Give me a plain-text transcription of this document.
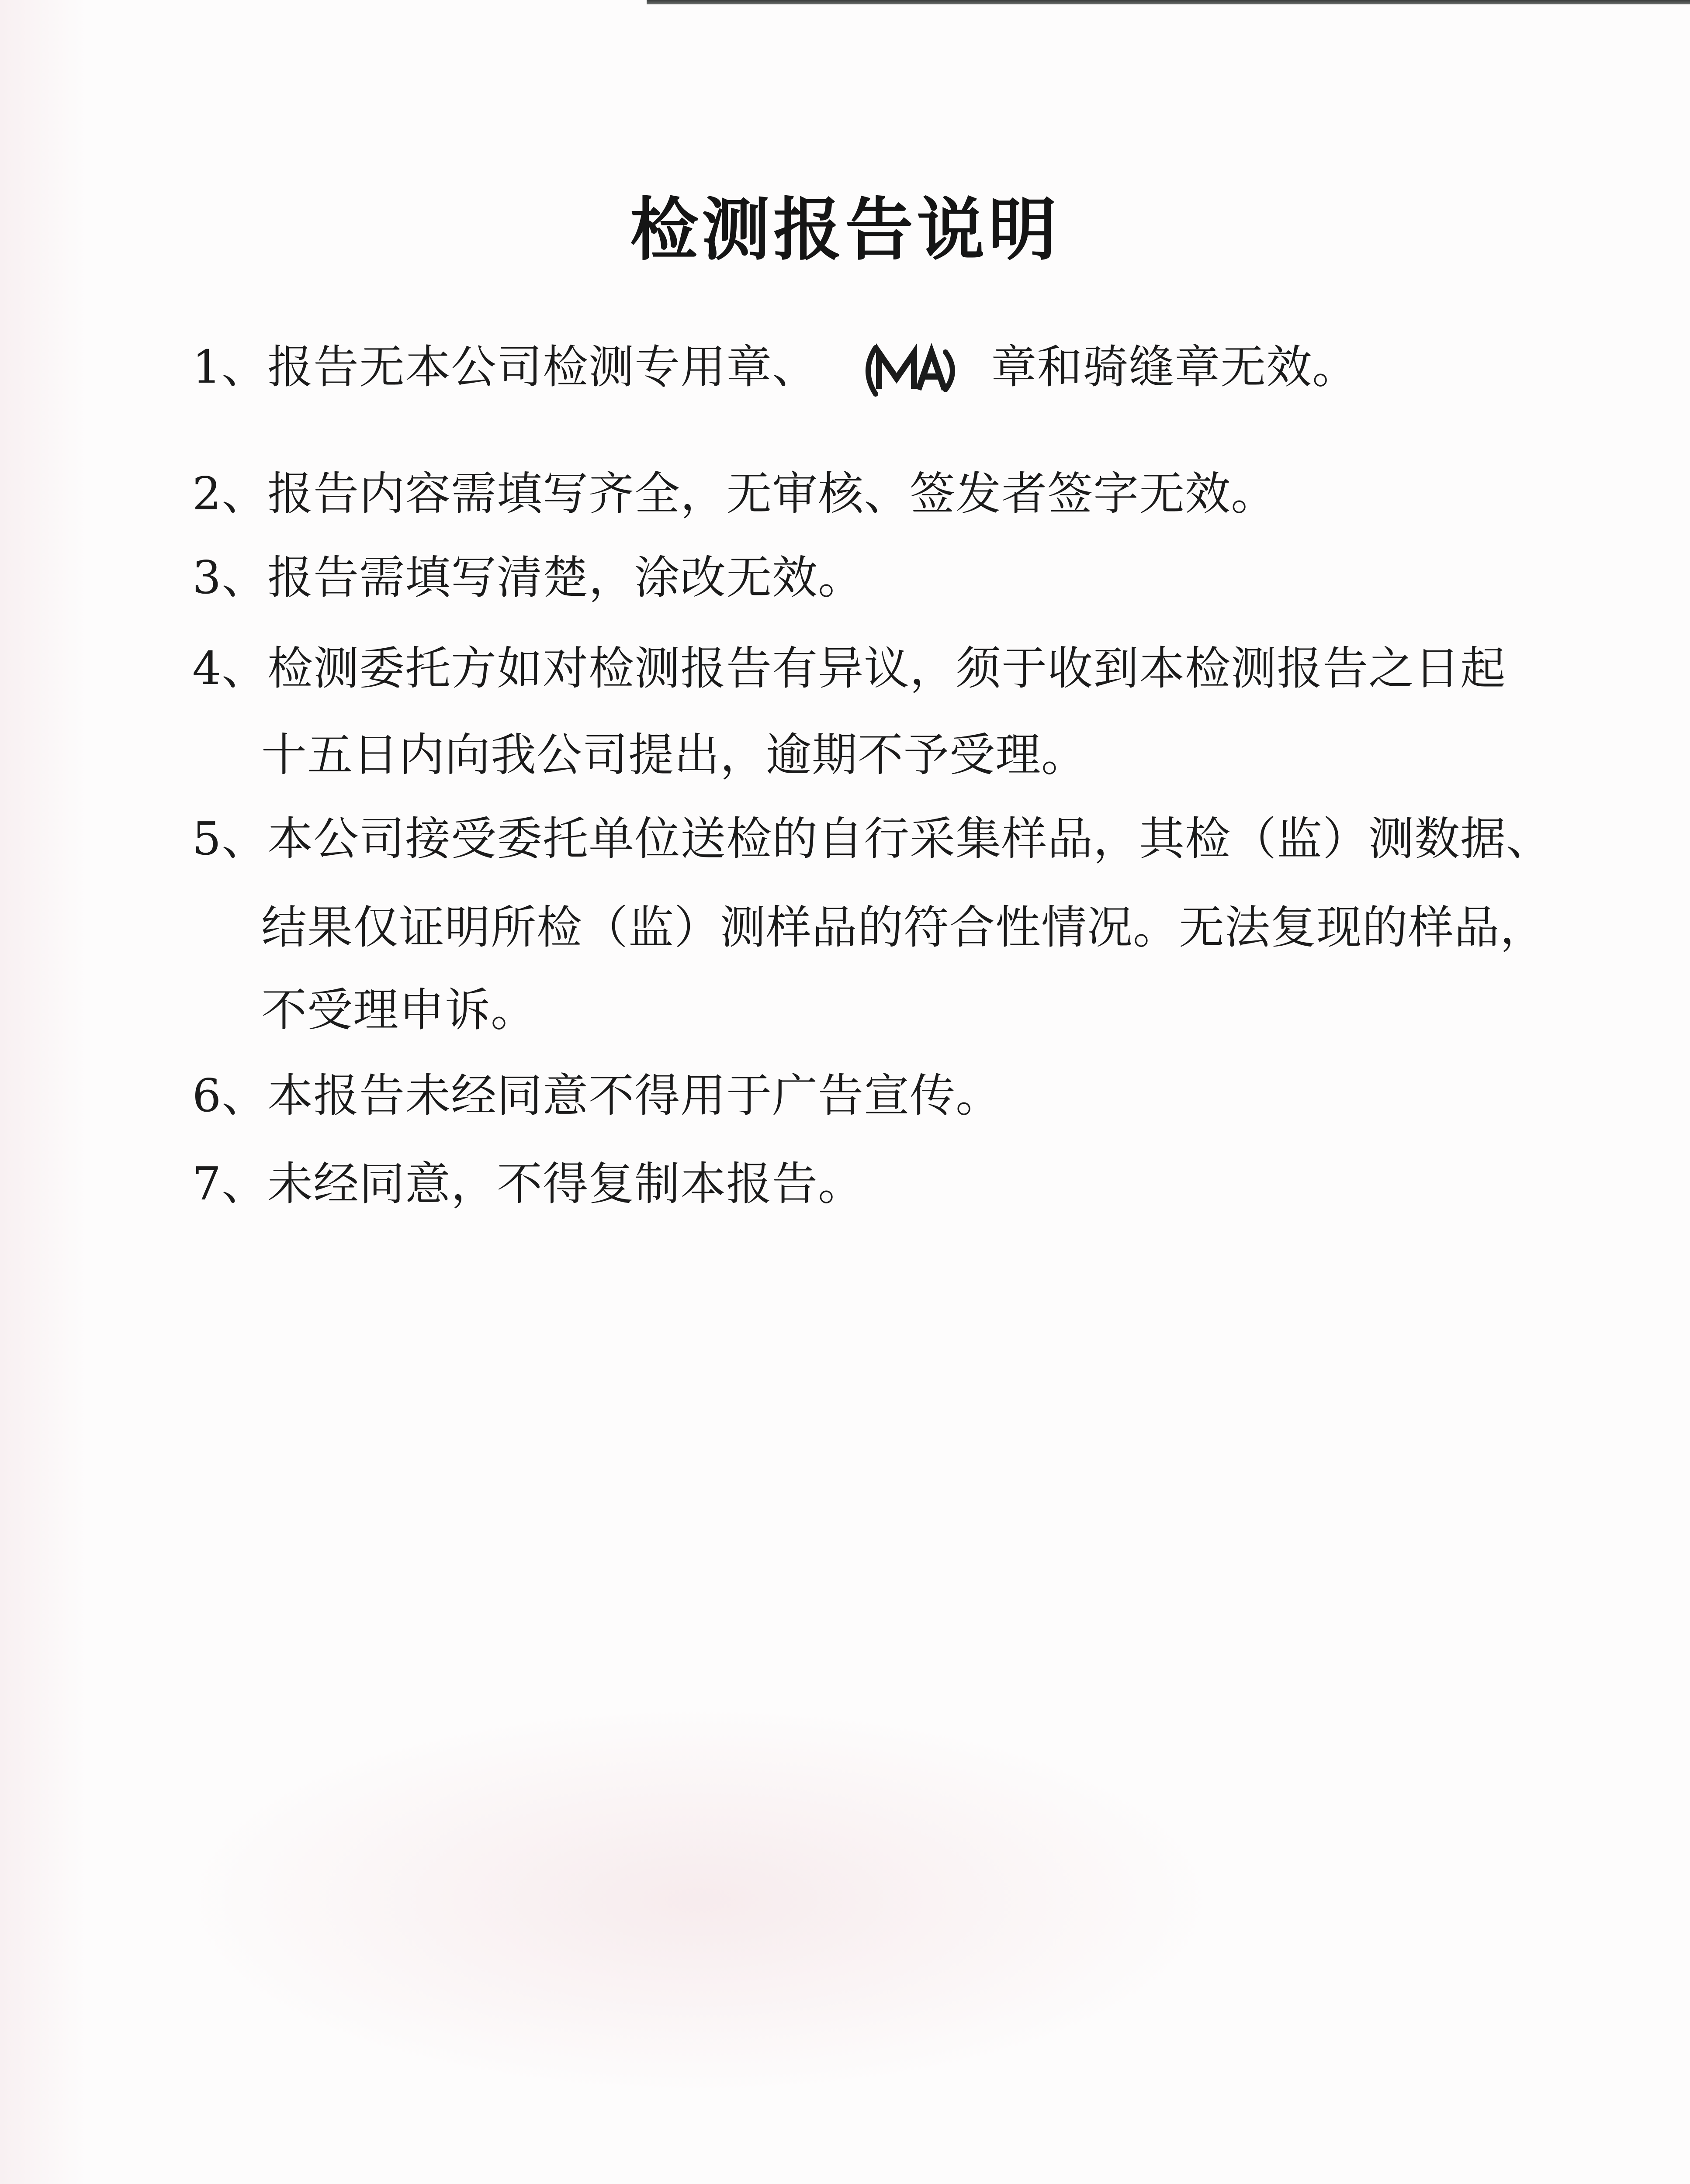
检测报告说明
1、报告无本公司检测专用章、	章和骑缝章无效。
2、报告内容需填写齐全，无审核、签发者签字无效。
3、报告需填写清楚，涂改无效。
4、检测委托方如对检测报告有异议，须于收到本检测报告之日起
十五日内向我公司提出，逾期不予受理。
5、本公司接受委托单位送检的自行采集样品，其检（监）测数据、
结果仅证明所检（监）测样品的符合性情况。无法复现的样品，
不受理申诉。
6、本报告未经同意不得用于广告宣传。
7、未经同意，不得复制本报告。
